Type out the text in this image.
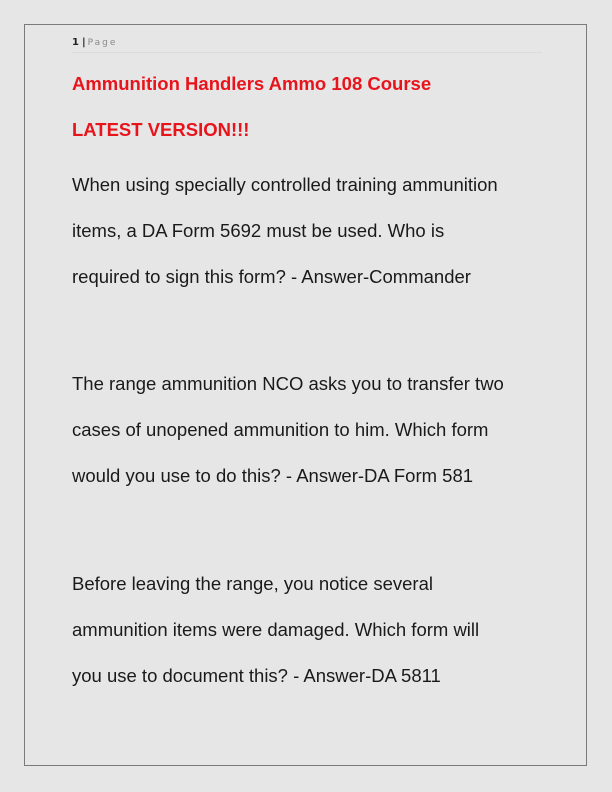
1 | Page
Ammunition Handlers Ammo 108 Course
LATEST VERSION!!!

When using specially controlled training ammunition
items, a DA Form 5692 must be used. Who is
required to sign this form? - Answer-Commander

The range ammunition NCO asks you to transfer two
cases of unopened ammunition to him. Which form
would you use to do this? - Answer-DA Form 581

Before leaving the range, you notice several
ammunition items were damaged. Which form will
you use to document this? - Answer-DA 5811
